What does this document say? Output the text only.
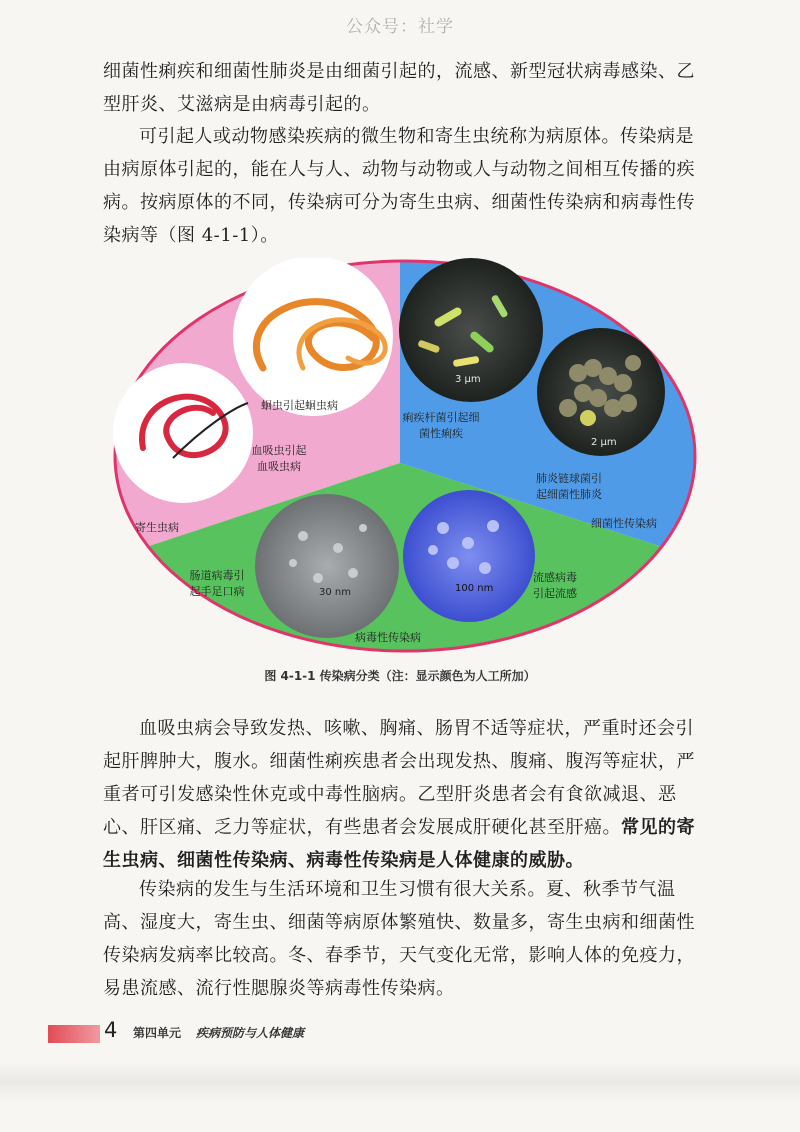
公众号：社学

细菌性痢疾和细菌性肺炎是由细菌引起的，流感、新型冠状病毒感染、乙型肝炎、艾滋病是由病毒引起的。

可引起人或动物感染疾病的微生物和寄生虫统称为病原体。传染病是由病原体引起的，能在人与人、动物与动物或人与动物之间相互传播的疾病。按病原体的不同，传染病可分为寄生虫病、细菌性传染病和病毒性传染病等（图 4-1-1）。

3 μm
2 μm
30 nm	100 nm
蛔虫引起蛔虫病
血吸虫引起血吸虫病
寄生虫病
痢疾杆菌引起细菌性痢疾
肺炎链球菌引起细菌性肺炎
细菌性传染病
肠道病毒引起手足口病
流感病毒引起流感
病毒性传染病
图 4-1-1 传染病分类（注：显示颜色为人工所加）

血吸虫病会导致发热、咳嗽、胸痛、肠胃不适等症状，严重时还会引起肝脾肿大，腹水。细菌性痢疾患者会出现发热、腹痛、腹泻等症状，严重者可引发感染性休克或中毒性脑病。乙型肝炎患者会有食欲减退、恶心、肝区痛、乏力等症状，有些患者会发展成肝硬化甚至肝癌。常见的寄生虫病、细菌性传染病、病毒性传染病是人体健康的威胁。

传染病的发生与生活环境和卫生习惯有很大关系。夏、秋季节气温高、湿度大，寄生虫、细菌等病原体繁殖快、数量多，寄生虫病和细菌性传染病发病率比较高。冬、春季节，天气变化无常，影响人体的免疫力，易患流感、流行性腮腺炎等病毒性传染病。

4 第四单元 疾病预防与人体健康
